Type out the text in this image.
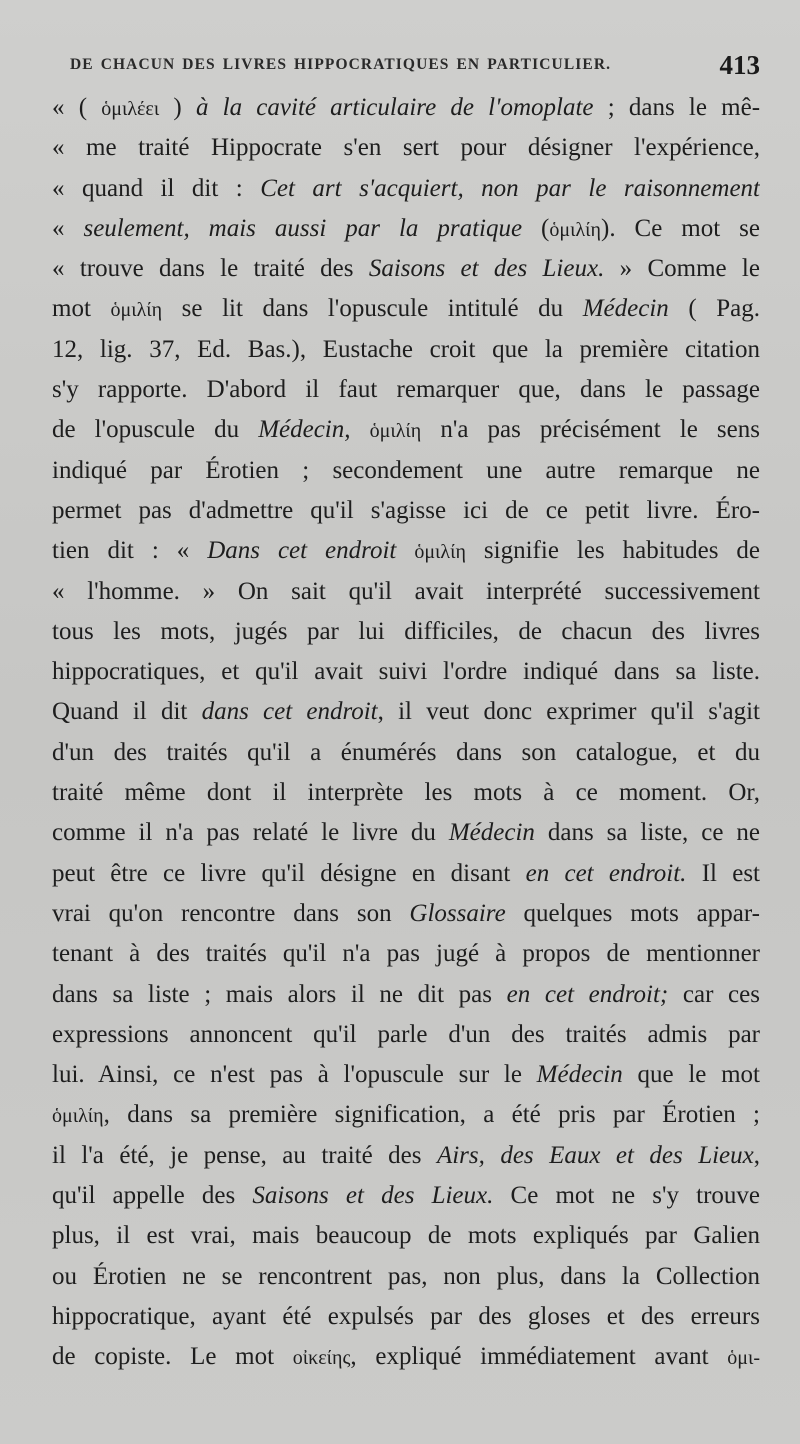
DE CHACUN DES LIVRES HIPPOCRATIQUES EN PARTICULIER.	413
« ( ὁμιλέει ) à la cavité articulaire de l'omoplate ; dans le mê-
« me traité Hippocrate s'en sert pour désigner l'expérience,
« quand il dit : Cet art s'acquiert, non par le raisonnement
« seulement, mais aussi par la pratique (ὁμιλίη). Ce mot se
« trouve dans le traité des Saisons et des Lieux. » Comme le
mot ὁμιλίη se lit dans l'opuscule intitulé du Médecin ( Pag.
12, lig. 37, Ed. Bas.), Eustache croit que la première citation
s'y rapporte. D'abord il faut remarquer que, dans le passage
de l'opuscule du Médecin, ὁμιλίη n'a pas précisément le sens
indiqué par Érotien ; secondement une autre remarque ne
permet pas d'admettre qu'il s'agisse ici de ce petit livre. Éro-
tien dit : « Dans cet endroit ὁμιλίη signifie les habitudes de
« l'homme. » On sait qu'il avait interprété successivement
tous les mots, jugés par lui difficiles, de chacun des livres
hippocratiques, et qu'il avait suivi l'ordre indiqué dans sa liste.
Quand il dit dans cet endroit, il veut donc exprimer qu'il s'agit
d'un des traités qu'il a énumérés dans son catalogue, et du
traité même dont il interprète les mots à ce moment. Or,
comme il n'a pas relaté le livre du Médecin dans sa liste, ce ne
peut être ce livre qu'il désigne en disant en cet endroit. Il est
vrai qu'on rencontre dans son Glossaire quelques mots appar-
tenant à des traités qu'il n'a pas jugé à propos de mentionner
dans sa liste ; mais alors il ne dit pas en cet endroit; car ces
expressions annoncent qu'il parle d'un des traités admis par
lui. Ainsi, ce n'est pas à l'opuscule sur le Médecin que le mot
ὁμιλίη, dans sa première signification, a été pris par Érotien ;
il l'a été, je pense, au traité des Airs, des Eaux et des Lieux,
qu'il appelle des Saisons et des Lieux. Ce mot ne s'y trouve
plus, il est vrai, mais beaucoup de mots expliqués par Galien
ou Érotien ne se rencontrent pas, non plus, dans la Collection
hippocratique, ayant été expulsés par des gloses et des erreurs
de copiste. Le mot οἰκείης, expliqué immédiatement avant ὁμι-
